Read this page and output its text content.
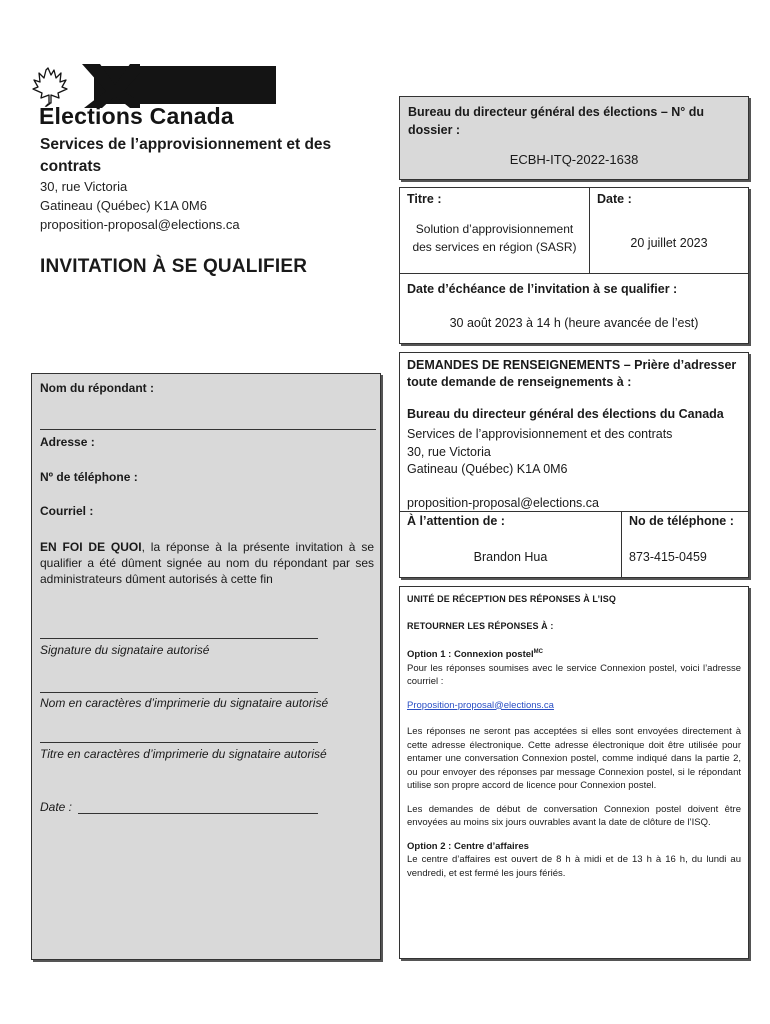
Élections Canada
Services de l’approvisionnement et des contrats
30, rue Victoria
Gatineau (Québec) K1A 0M6
proposition-proposal@elections.ca
INVITATION À SE QUALIFIER
Bureau du directeur général des élections – N° du dossier :
ECBH-ITQ-2022-1638
Titre :
Solution d’approvisionnement des services en région (SASR)
Date :
20 juillet 2023
Date d’échéance de l’invitation à se qualifier :
30 août 2023 à 14 h (heure avancée de l’est)
DEMANDES DE RENSEIGNEMENTS – Prière d’adresser toute demande de renseignements à :
Bureau du directeur général des élections du Canada
Services de l’approvisionnement et des contrats
30, rue Victoria
Gatineau (Québec) K1A 0M6
proposition-proposal@elections.ca
À l’attention de :
Brandon Hua
No de téléphone :
873-415-0459

UNITÉ DE RÉCEPTION DES RÉPONSES À L’ISQ

RETOURNER LES RÉPONSES À :

Option 1 : Connexion postel$^{MC}$

Pour les réponses soumises avec le service Connexion postel, voici l’adresse courriel :

Proposition-proposal@elections.ca

Les réponses ne seront pas acceptées si elles sont envoyées directement à cette adresse électronique. Cette adresse électronique doit être utilisée pour entamer une conversation Connexion postel, comme indiqué dans la partie 2, ou pour envoyer des réponses par message Connexion postel, si le répondant utilise son propre accord de licence pour Connexion postel.

Les demandes de début de conversation Connexion postel doivent être envoyées au moins six jours ouvrables avant la date de clôture de l’ISQ.

Option 2 : Centre d’affaires

Le centre d’affaires est ouvert de 8 h à midi et de 13 h à 16 h, du lundi au vendredi, et est fermé les jours fériés.

Nom du répondant :
Adresse :
Nº de téléphone :
Courriel :
EN FOI DE QUOI, la réponse à la présente invitation à se qualifier a été dûment signée au nom du répondant par ses administrateurs dûment autorisés à cette fin
Signature du signataire autorisé
Nom en caractères d’imprimerie du signataire autorisé
Titre en caractères d’imprimerie du signataire autorisé
Date :
